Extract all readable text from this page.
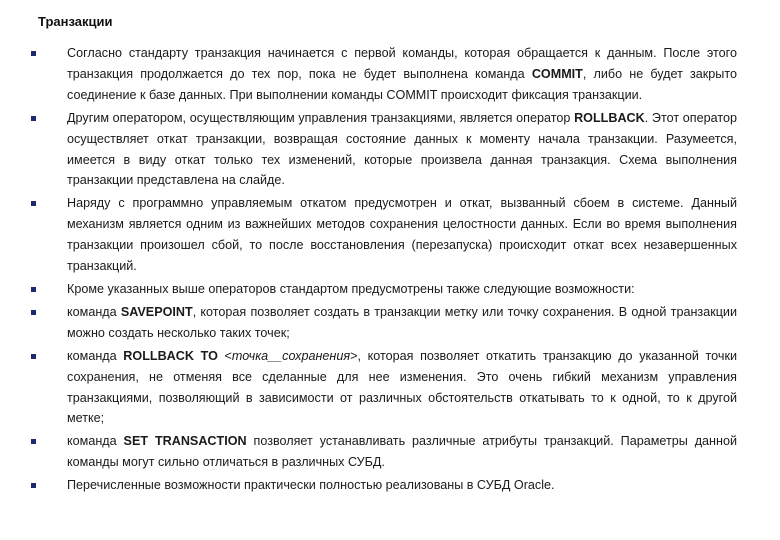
Транзакции
Согласно стандарту транзакция начинается с первой команды, которая обращается к данным. После этого транзакция продолжается до тех пор, пока не будет выполнена команда COMMIT, либо не будет закрыто соединение к базе данных. При выполнении команды COMMIT происходит фиксация транзакции.
Другим оператором, осуществляющим управления транзакциями, является оператор ROLLBACK. Этот оператор осуществляет откат транзакции, возвращая состояние данных к моменту начала транзакции. Разумеется, имеется в виду откат только тех изменений, которые произвела данная транзакция. Схема выполнения транзакции представлена на слайде.
Наряду с программно управляемым откатом предусмотрен и откат, вызванный сбоем в системе. Данный механизм является одним из важнейших методов сохранения целостности данных. Если во время выполнения транзакции произошел сбой, то после восстановления (перезапуска) происходит откат всех незавершенных транзакций.
Кроме указанных выше операторов стандартом предусмотрены также следующие возможности:
команда SAVEPOINT, которая позволяет создать в транзакции метку или точку сохранения. В одной транзакции можно создать несколько таких точек;
команда ROLLBACK TO <точка__сохранения>, которая позволяет откатить транзакцию до указанной точки сохранения, не отменяя все сделанные для нее изменения. Это очень гибкий механизм управления транзакциями, позволяющий в зависимости от различных обстоятельств откатывать то к одной, то к другой метке;
команда SET TRANSACTION позволяет устанавливать различные атрибуты транзакций. Параметры данной команды могут сильно отличаться в различных СУБД.
Перечисленные возможности практически полностью реализованы в СУБД Oracle.
